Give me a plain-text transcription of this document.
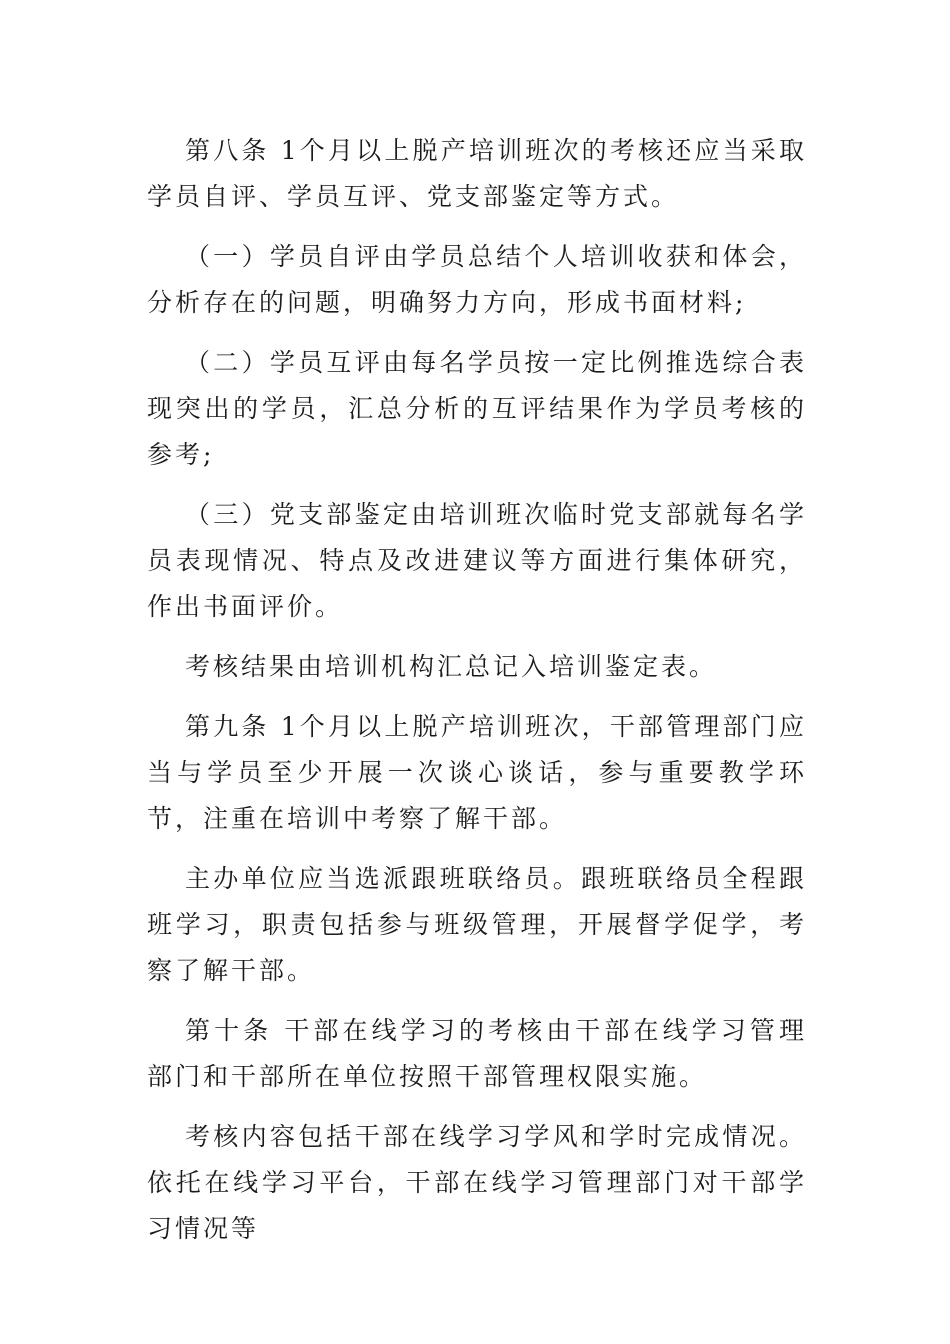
第八条 1个月以上脱产培训班次的考核还应当采取学员自评、学员互评、党支部鉴定等方式。

（一）学员自评由学员总结个人培训收获和体会，分析存在的问题，明确努力方向，形成书面材料;

（二）学员互评由每名学员按一定比例推选综合表现突出的学员，汇总分析的互评结果作为学员考核的参考;

（三）党支部鉴定由培训班次临时党支部就每名学员表现情况、特点及改进建议等方面进行集体研究，作出书面评价。

考核结果由培训机构汇总记入培训鉴定表。

第九条 1个月以上脱产培训班次，干部管理部门应当与学员至少开展一次谈心谈话，参与重要教学环节，注重在培训中考察了解干部。

主办单位应当选派跟班联络员。跟班联络员全程跟班学习，职责包括参与班级管理，开展督学促学，考察了解干部。

第十条 干部在线学习的考核由干部在线学习管理部门和干部所在单位按照干部管理权限实施。

考核内容包括干部在线学习学风和学时完成情况。依托在线学习平台，干部在线学习管理部门对干部学习情况等
